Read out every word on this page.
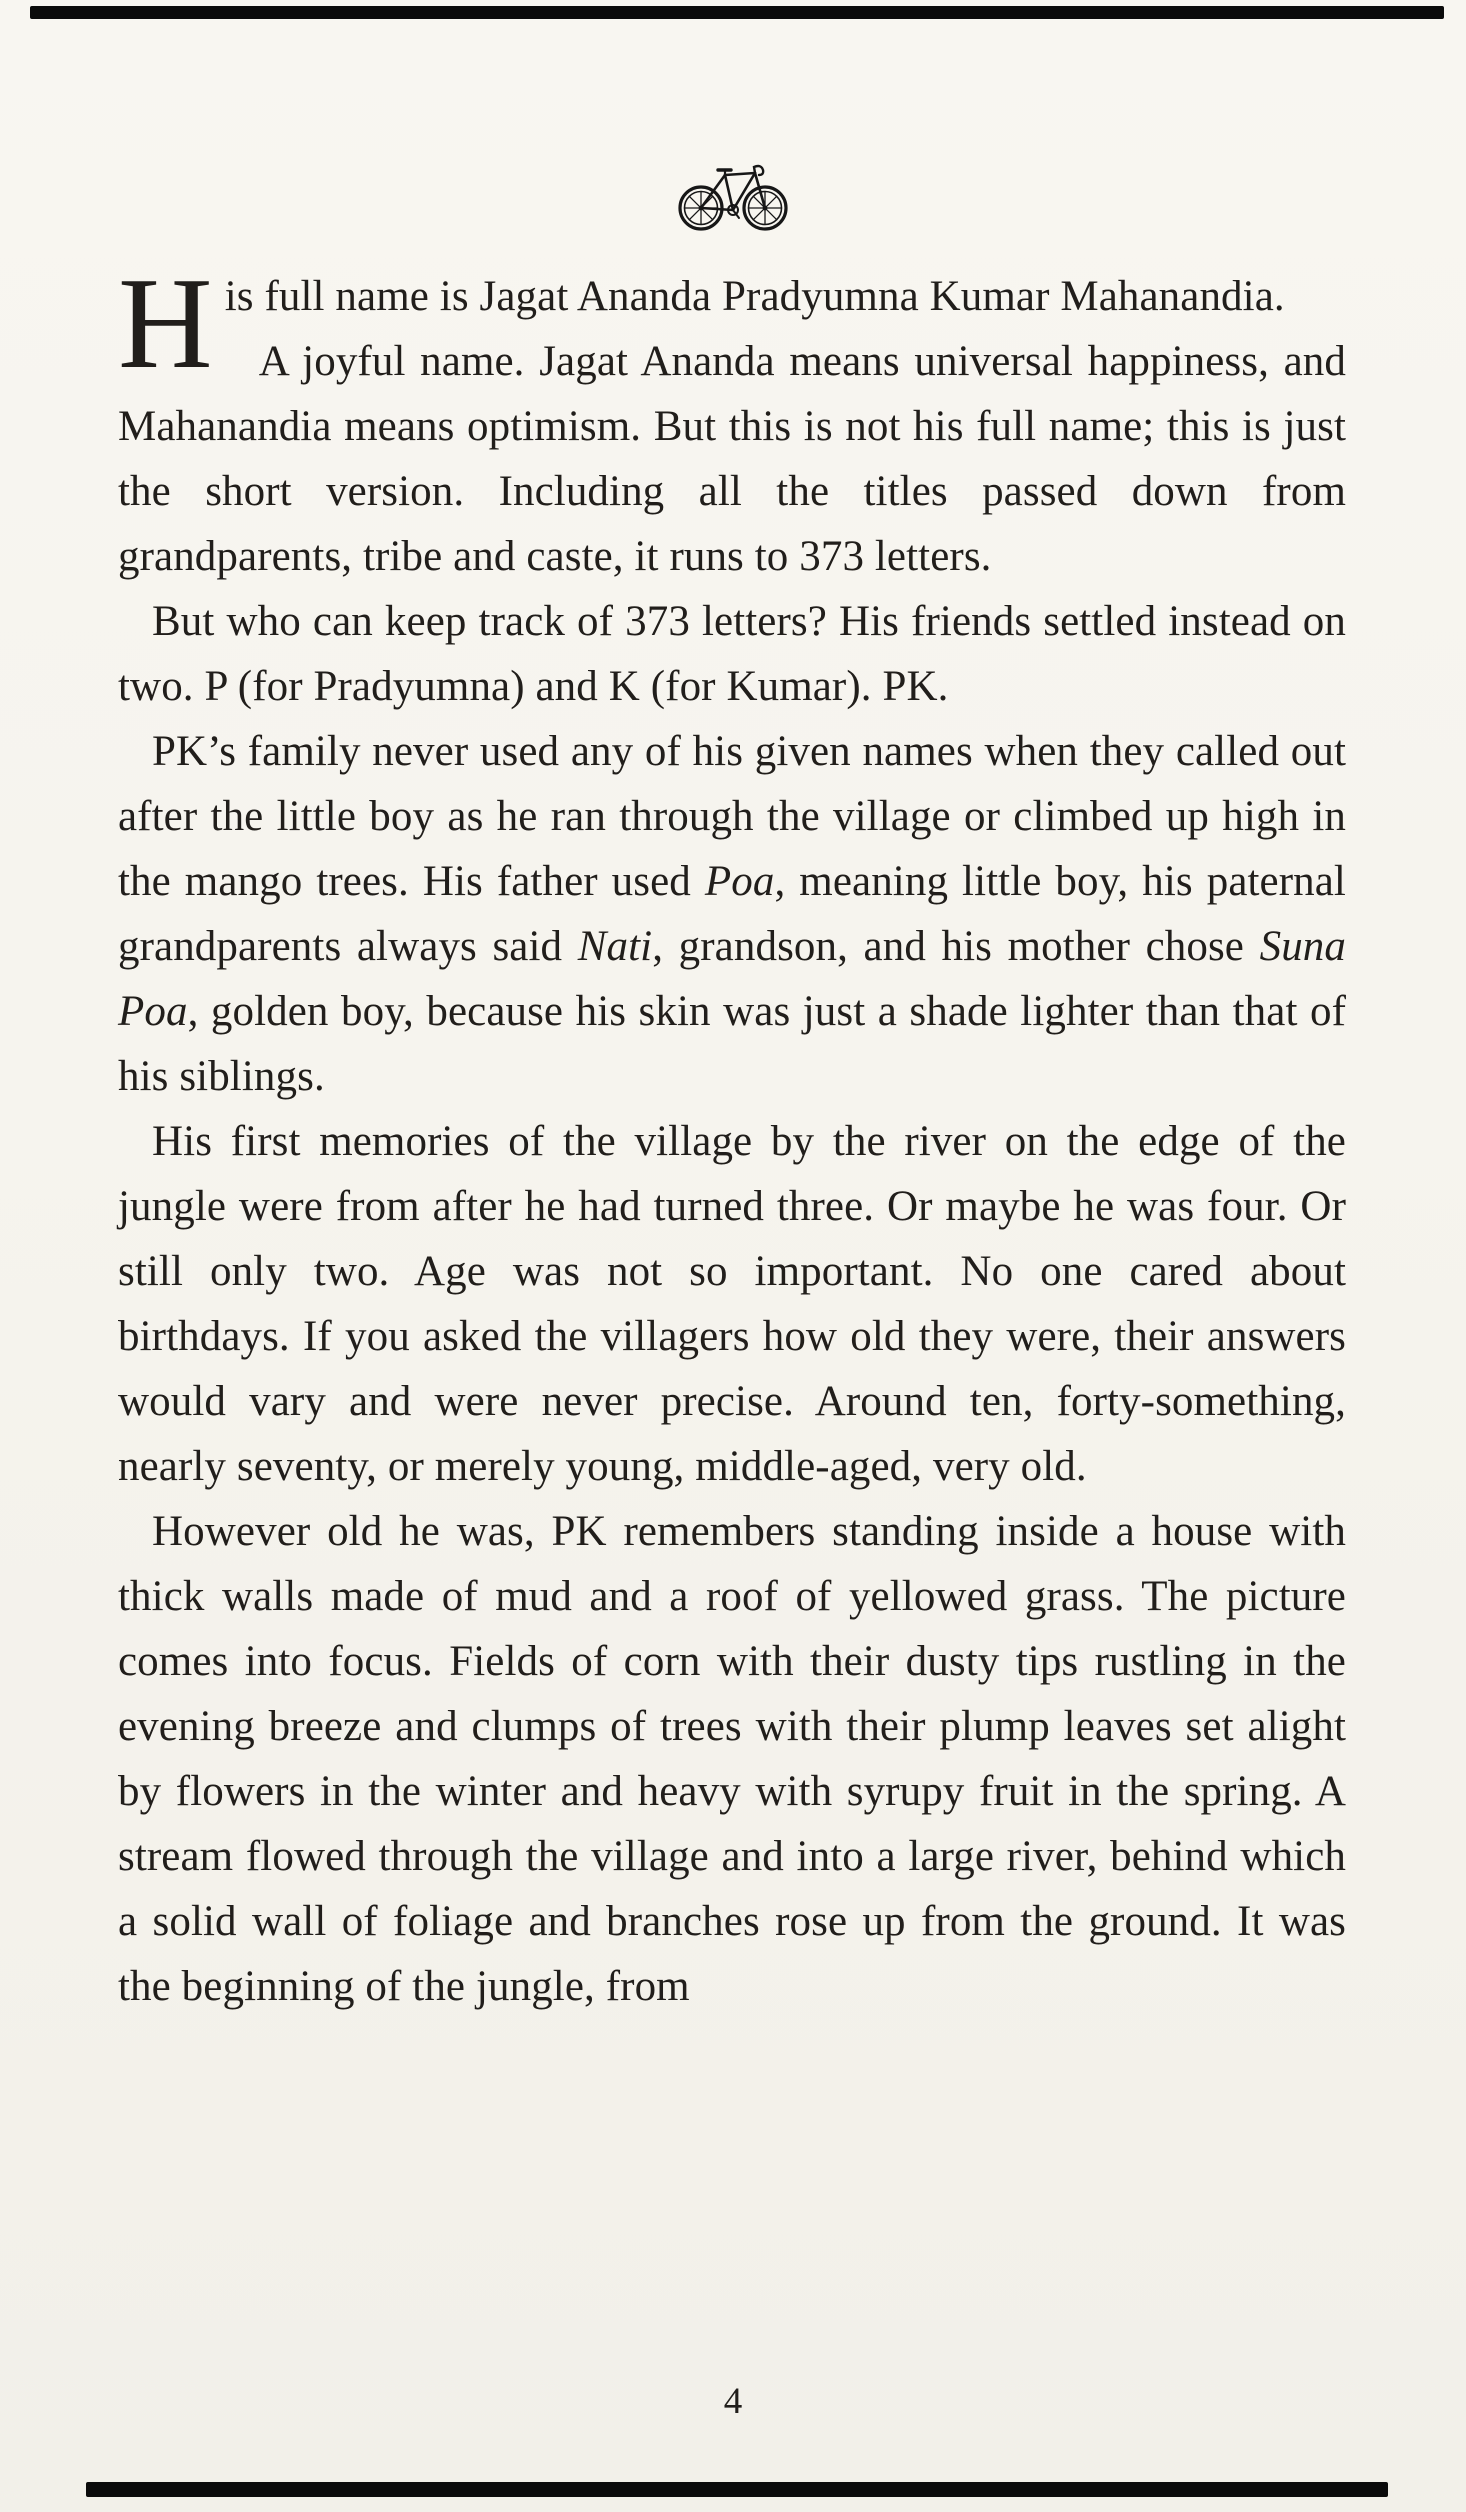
His full name is Jagat Ananda Pradyumna Kumar Mahanandia.

A joyful name. Jagat Ananda means universal happiness, and Mahanandia means optimism. But this is not his full name; this is just the short version. Including all the titles passed down from grandparents, tribe and caste, it runs to 373 letters.

But who can keep track of 373 letters? His friends settled instead on two. P (for Pradyumna) and K (for Kumar). PK.

PK’s family never used any of his given names when they called out after the little boy as he ran through the village or climbed up high in the mango trees. His father used Poa, meaning little boy, his paternal grandparents always said Nati, grandson, and his mother chose Suna Poa, golden boy, because his skin was just a shade lighter than that of his siblings.

His first memories of the village by the river on the edge of the jungle were from after he had turned three. Or maybe he was four. Or still only two. Age was not so important. No one cared about birthdays. If you asked the villagers how old they were, their answers would vary and were never precise. Around ten, forty-something, nearly seventy, or merely young, middle-aged, very old.

However old he was, PK remembers standing inside a house with thick walls made of mud and a roof of yellowed grass. The picture comes into focus. Fields of corn with their dusty tips rustling in the evening breeze and clumps of trees with their plump leaves set alight by flowers in the winter and heavy with syrupy fruit in the spring. A stream flowed through the village and into a large river, behind which a solid wall of foliage and branches rose up from the ground. It was the beginning of the jungle, from

4
